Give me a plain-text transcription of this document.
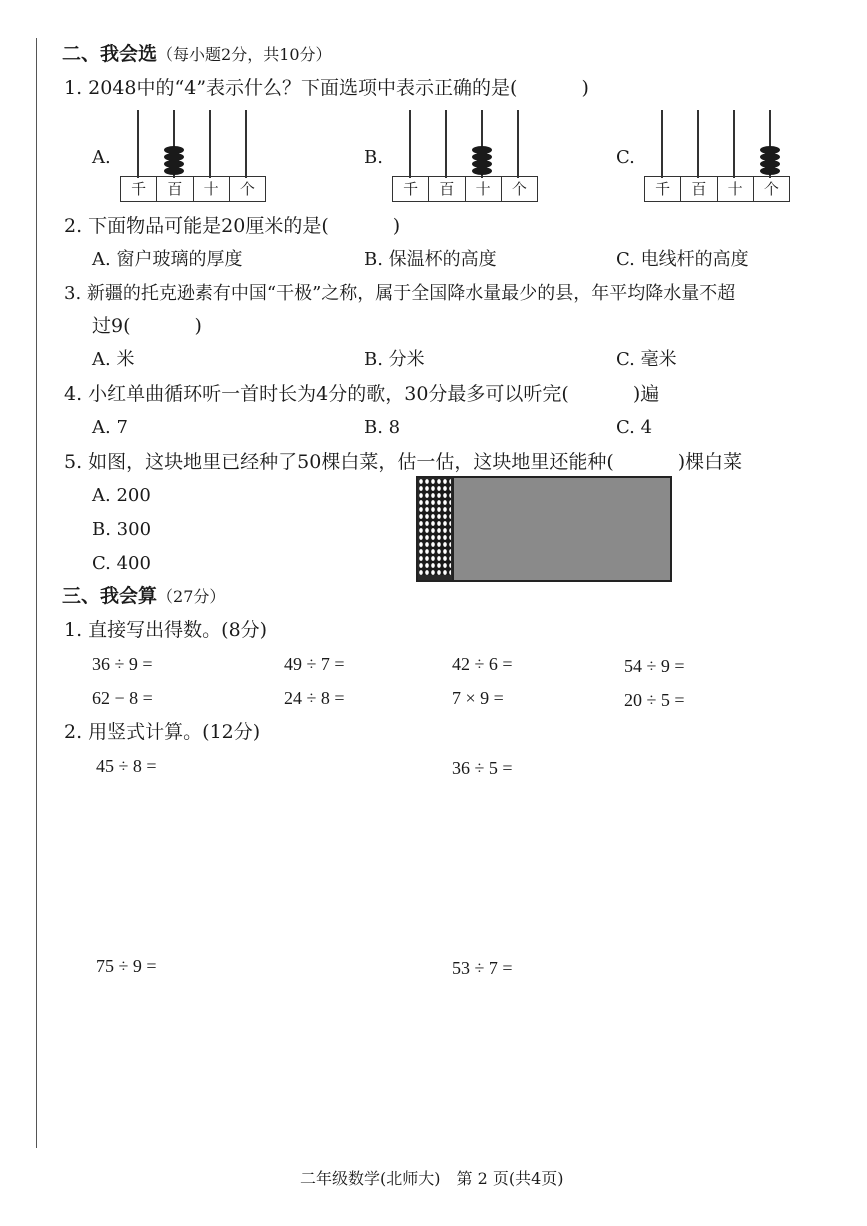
二、我会选（每小题2分，共10分）
1. 2048中的“4”表示什么？下面选项中表示正确的是(	)
A.
千	百	十	个
B.
千	百	十	个
C.
千	百	十	个
2. 下面物品可能是20厘米的是(	)
A. 窗户玻璃的厚度	B. 保温杯的高度	C. 电线杆的高度
3. 新疆的托克逊素有中国“干极”之称，属于全国降水量最少的县，年平均降水量不超
过9(	)
A. 米	B. 分米	C. 毫米
4. 小红单曲循环听一首时长为4分的歌，30分最多可以听完(	)遍
A. 7	B. 8	C. 4
5. 如图，这块地里已经种了50棵白菜，估一估，这块地里还能种(	)棵白菜
A. 200
B. 300
C. 400
三、我会算（27分）
1. 直接写出得数。(8分)
36 ÷ 9 =	49 ÷ 7 =	42 ÷ 6 =	54 ÷ 9 =
62 − 8 =	24 ÷ 8 =	7 × 9 =	20 ÷ 5 =
2. 用竖式计算。(12分)
45 ÷ 8 =	36 ÷ 5 =
75 ÷ 9 =	53 ÷ 7 =
二年级数学(北师大)　第 2 页(共4页)
